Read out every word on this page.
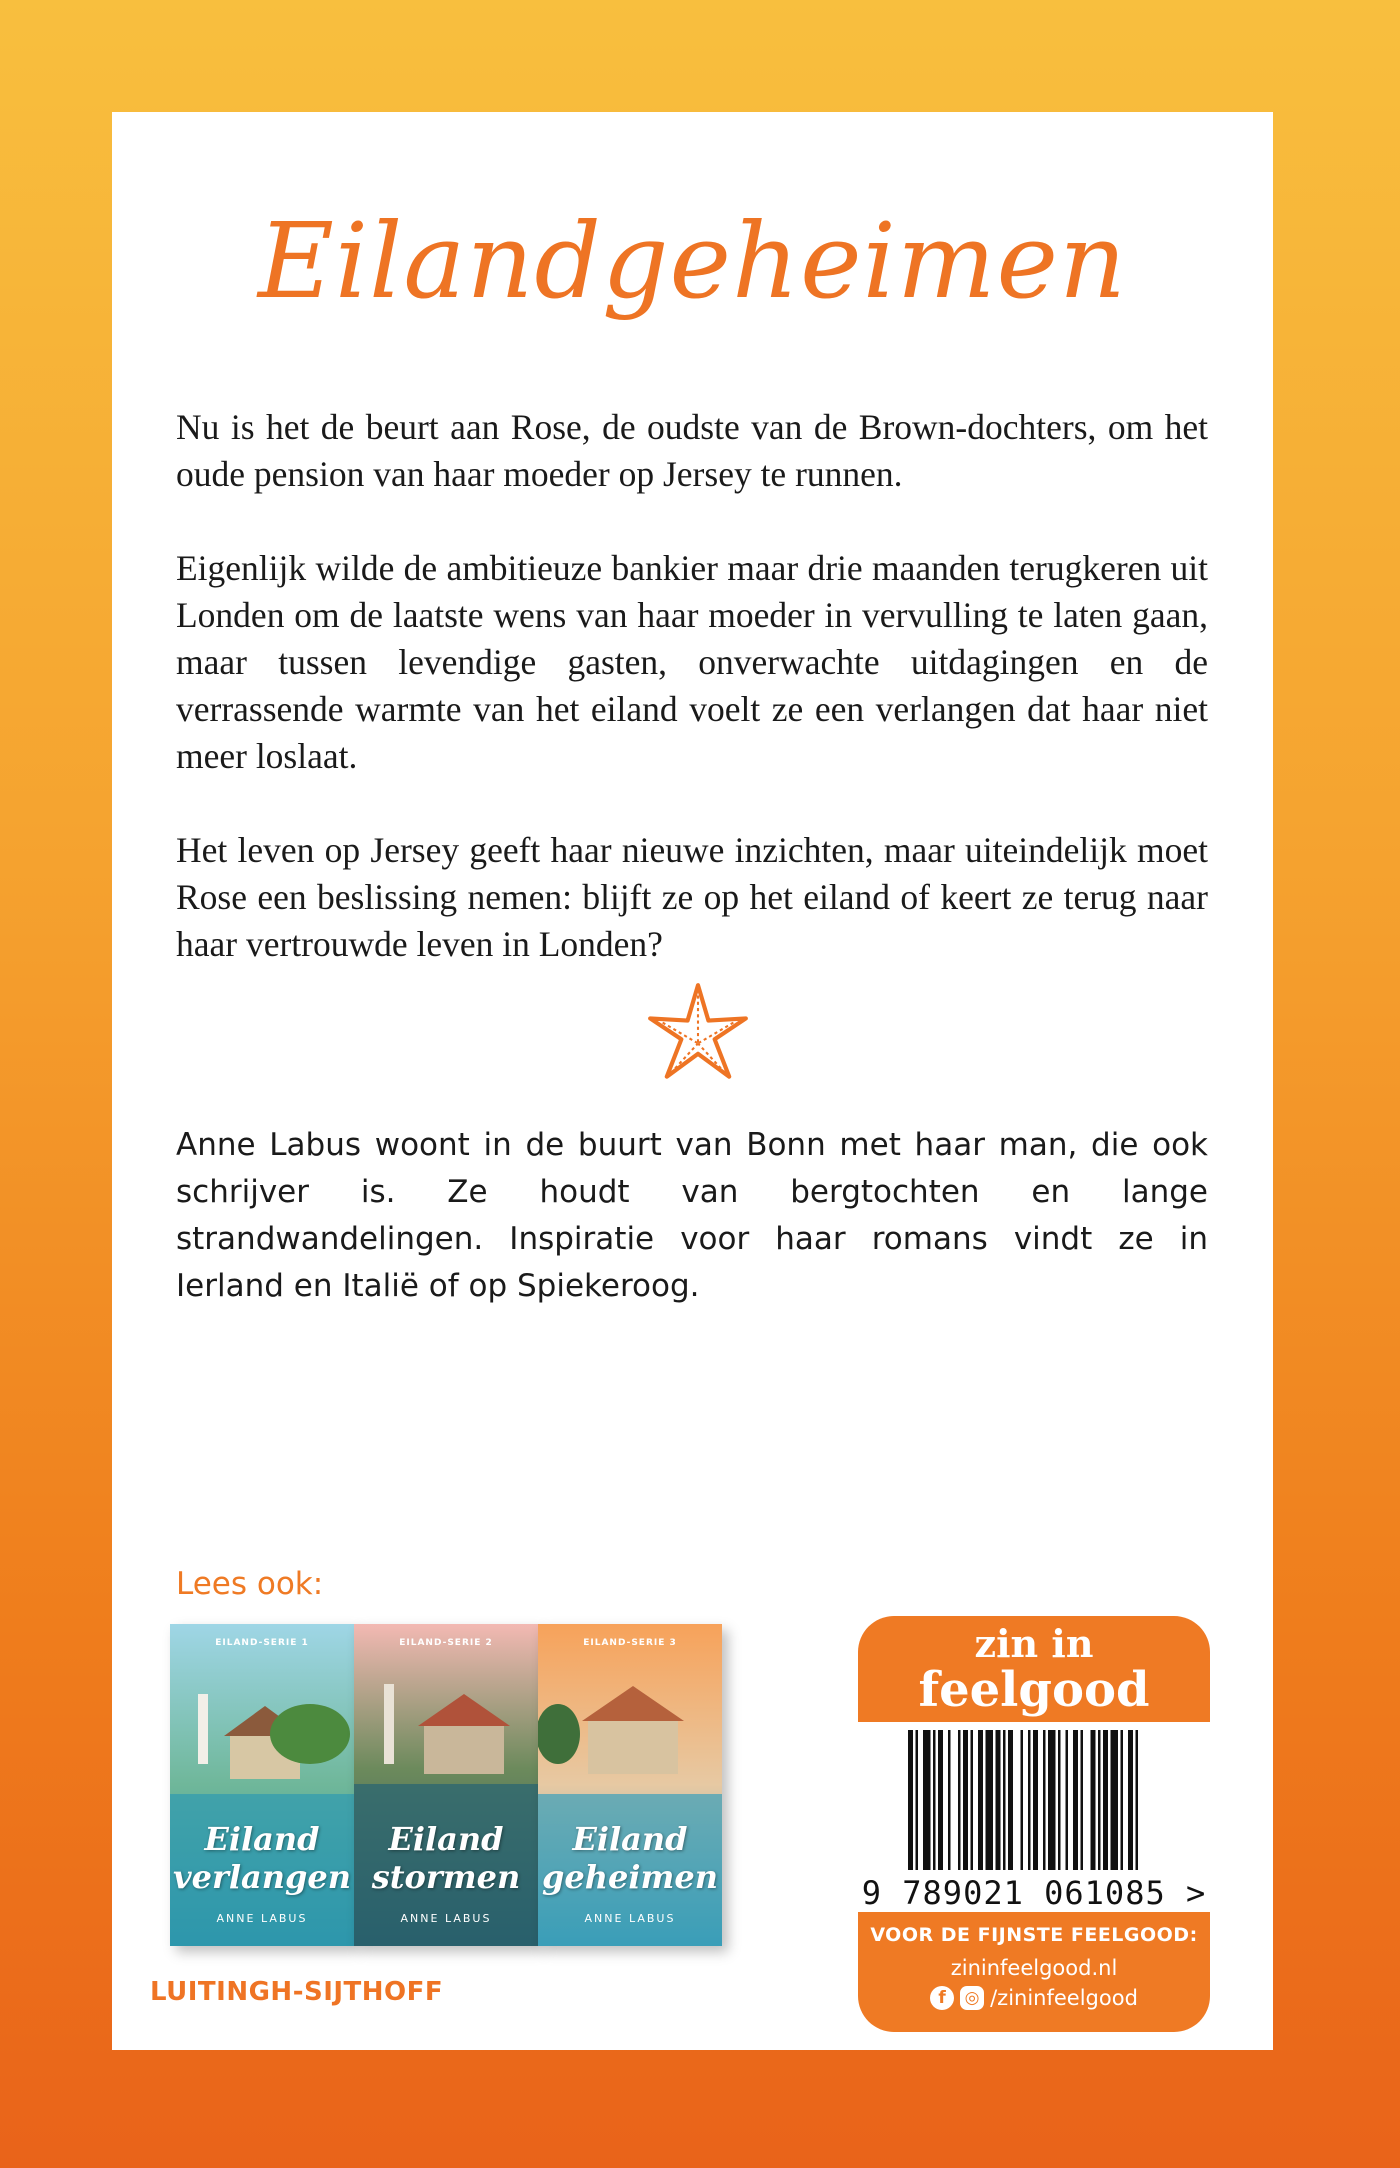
Eilandgeheimen

Nu is het de beurt aan Rose, de oudste van de Brown-dochters, om het oude pension van haar moeder op Jersey te runnen.

Eigenlijk wilde de ambitieuze bankier maar drie maanden terugkeren uit Londen om de laatste wens van haar moeder in vervulling te laten gaan, maar tussen levendige gasten, onverwachte uitdagingen en de verrassende warmte van het eiland voelt ze een verlangen dat haar niet meer loslaat.

Het leven op Jersey geeft haar nieuwe inzichten, maar uiteindelijk moet Rose een beslissing nemen: blijft ze op het eiland of keert ze terug naar haar vertrouwde leven in Londen?

Anne Labus woont in de buurt van Bonn met haar man, die ook schrijver is. Ze houdt van bergtochten en lange strandwandelingen. Inspiratie voor haar romans vindt ze in Ierland en Italië of op Spiekeroog.
Lees ook:
EILAND-SERIE 1
Eiland
verlangen
ANNE LABUS
EILAND-SERIE 2
Eiland
stormen
ANNE LABUS
EILAND-SERIE 3
Eiland
geheimen
ANNE LABUS
LUITINGH-SIJTHOFF
zin in
feelgood
9 789021 061085 >
VOOR DE FIJNSTE FEELGOOD:
zininfeelgood.nl
f	◎ /zininfeelgood
